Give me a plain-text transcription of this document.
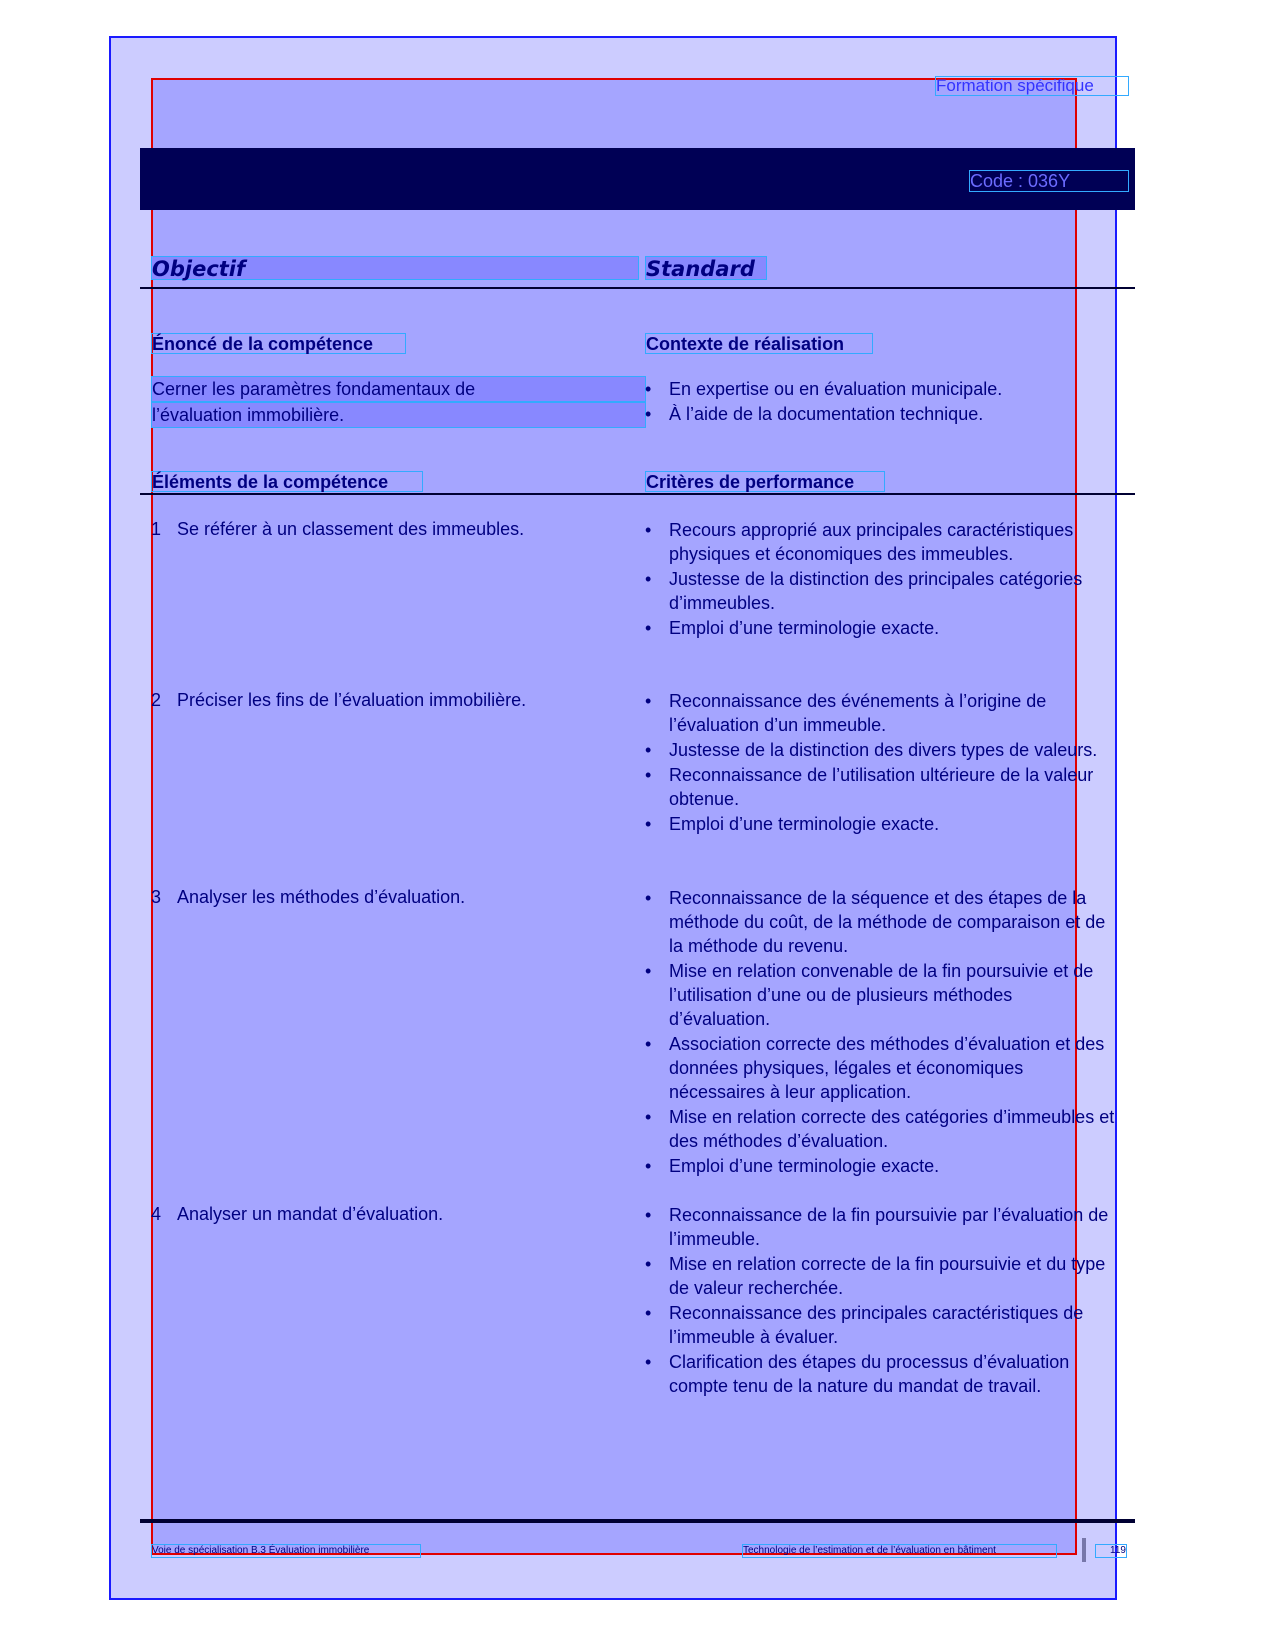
Formation spécifique
Code : 036Y
Objectif	Standard
Énoncé de la compétence	Contexte de réalisation
Cerner les paramètres fondamentaux de
l’évaluation immobilière.
• En expertise ou en évaluation municipale.
• À l’aide de la documentation technique.
Éléments de la compétence	Critères de performance
1 Se référer à un classement des immeubles.	• Recours approprié aux principales caractéristiques physiques et économiques des immeubles.
• Justesse de la distinction des principales catégories d’immeubles.
• Emploi d’une terminologie exacte.
2 Préciser les fins de l’évaluation immobilière.	• Reconnaissance des événements à l’origine de l’évaluation d’un immeuble.
• Justesse de la distinction des divers types de valeurs.
• Reconnaissance de l’utilisation ultérieure de la valeur obtenue.
• Emploi d’une terminologie exacte.
3 Analyser les méthodes d’évaluation.	• Reconnaissance de la séquence et des étapes de la méthode du coût, de la méthode de comparaison et de la méthode du revenu.
• Mise en relation convenable de la fin poursuivie et de l’utilisation d’une ou de plusieurs méthodes d’évaluation.
• Association correcte des méthodes d’évaluation et des données physiques, légales et économiques nécessaires à leur application.
• Mise en relation correcte des catégories d’immeubles et des méthodes d’évaluation.
• Emploi d’une terminologie exacte.
4 Analyser un mandat d’évaluation.	• Reconnaissance de la fin poursuivie par l’évaluation de l’immeuble.
• Mise en relation correcte de la fin poursuivie et du type de valeur recherchée.
• Reconnaissance des principales caractéristiques de l’immeuble à évaluer.
• Clarification des étapes du processus d’évaluation compte tenu de la nature du mandat de travail.
Voie de spécialisation B.3 Évaluation immobilière	Technologie de l’estimation et de l’évaluation en bâtiment	119
